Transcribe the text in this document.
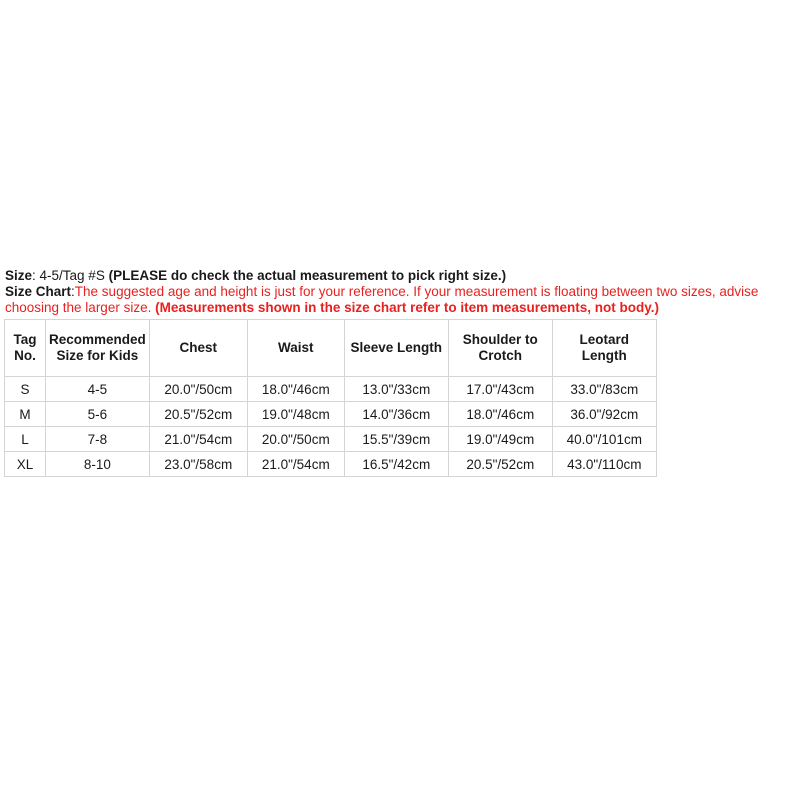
Size: 4-5/Tag #S (PLEASE do check the actual measurement to pick right size.)
Size Chart:The suggested age and height is just for your reference. If your measurement is floating between two sizes, advise choosing the larger size. (Measurements shown in the size chart refer to item measurements, not body.)
Tag No.	Recommended Size for Kids	Chest	Waist	Sleeve Length	Shoulder to Crotch	Leotard Length
S	4-5	20.0"/50cm	18.0"/46cm	13.0"/33cm	17.0"/43cm	33.0"/83cm
M	5-6	20.5"/52cm	19.0"/48cm	14.0"/36cm	18.0"/46cm	36.0"/92cm
L	7-8	21.0"/54cm	20.0"/50cm	15.5"/39cm	19.0"/49cm	40.0"/101cm
XL	8-10	23.0"/58cm	21.0"/54cm	16.5"/42cm	20.5"/52cm	43.0"/110cm
